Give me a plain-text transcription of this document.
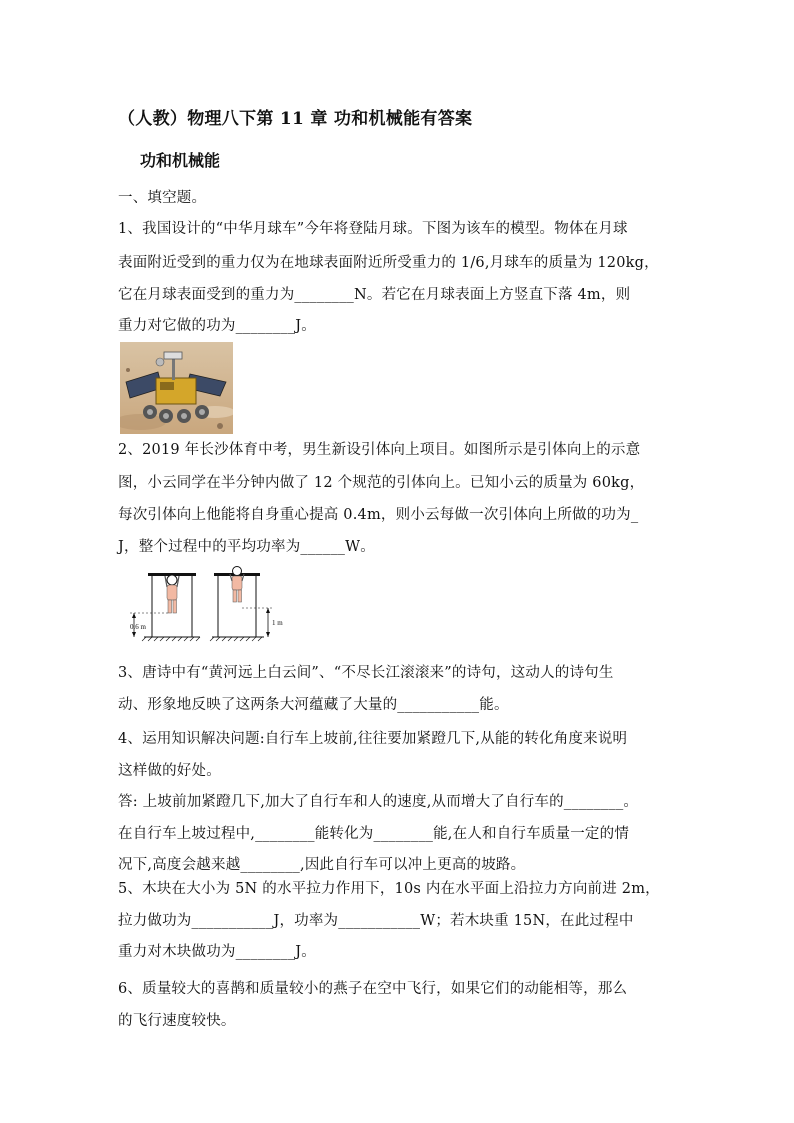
（人教）物理八下第 11 章 功和机械能有答案
功和机械能
一、填空题。
1、我国设计的“中华月球车”今年将登陆月球。下图为该车的模型。物体在月球
表面附近受到的重力仅为在地球表面附近所受重力的 1/6,月球车的质量为 120kg，
它在月球表面受到的重力为________N。若它在月球表面上方竖直下落 4m，则
重力对它做的功为________J。
2、2019 年长沙体育中考，男生新设引体向上项目。如图所示是引体向上的示意
图，小云同学在半分钟内做了 12 个规范的引体向上。已知小云的质量为 60kg，
每次引体向上他能将自身重心提高 0.4m，则小云每做一次引体向上所做的功为_
J，整个过程中的平均功率为______W。
0.6 m	1 m
3、唐诗中有“黄河远上白云间”、“不尽长江滚滚来”的诗句，这动人的诗句生
动、形象地反映了这两条大河蕴藏了大量的___________能。
4、运用知识解决问题:自行车上坡前,往往要加紧蹬几下,从能的转化角度来说明
这样做的好处。
答: 上坡前加紧蹬几下,加大了自行车和人的速度,从而增大了自行车的________。
在自行车上坡过程中,________能转化为________能,在人和自行车质量一定的情
况下,高度会越来越________,因此自行车可以冲上更高的坡路。
5、木块在大小为 5N 的水平拉力作用下，10s 内在水平面上沿拉力方向前进 2m，
拉力做功为___________J，功率为___________W；若木块重 15N，在此过程中
重力对木块做功为________J。
6、质量较大的喜鹊和质量较小的燕子在空中飞行，如果它们的动能相等，那么
的飞行速度较快。
